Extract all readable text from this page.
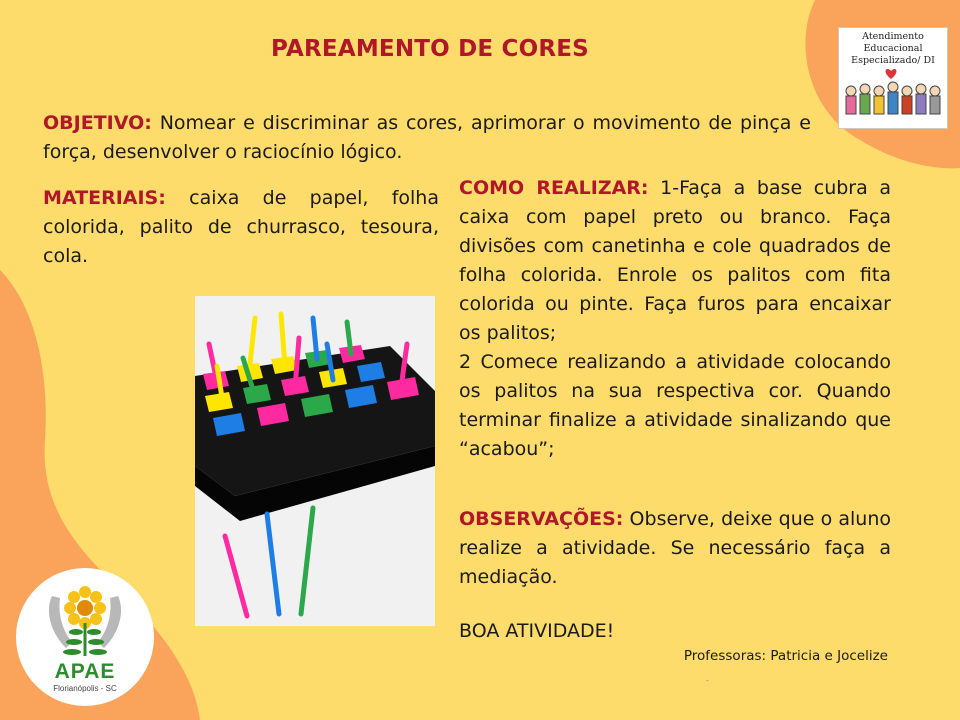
PAREAMENTO DE CORES	Atendimento
Educacional
Especializado/ DI
OBJETIVO: Nomear e discriminar as cores, aprimorar o movimento de pinça e força, desenvolver o raciocínio lógico.
MATERIAIS: caixa de papel, folha colorida, palito de churrasco, tesoura, cola.
COMO REALIZAR: 1-Faça a base cubra a caixa com papel preto ou branco. Faça divisões com canetinha e cole quadrados de folha colorida. Enrole os palitos com fita colorida ou pinte. Faça furos para encaixar os palitos;
2 Comece realizando a atividade colocando os palitos na sua respectiva cor. Quando terminar finalize a atividade sinalizando que “acabou”;
OBSERVAÇÕES: Observe, deixe que o aluno realize a atividade. Se necessário faça a mediação.
BOA ATIVIDADE!
Professoras: Patricia e Jocelize
-
APAE
Florianópolis - SC
